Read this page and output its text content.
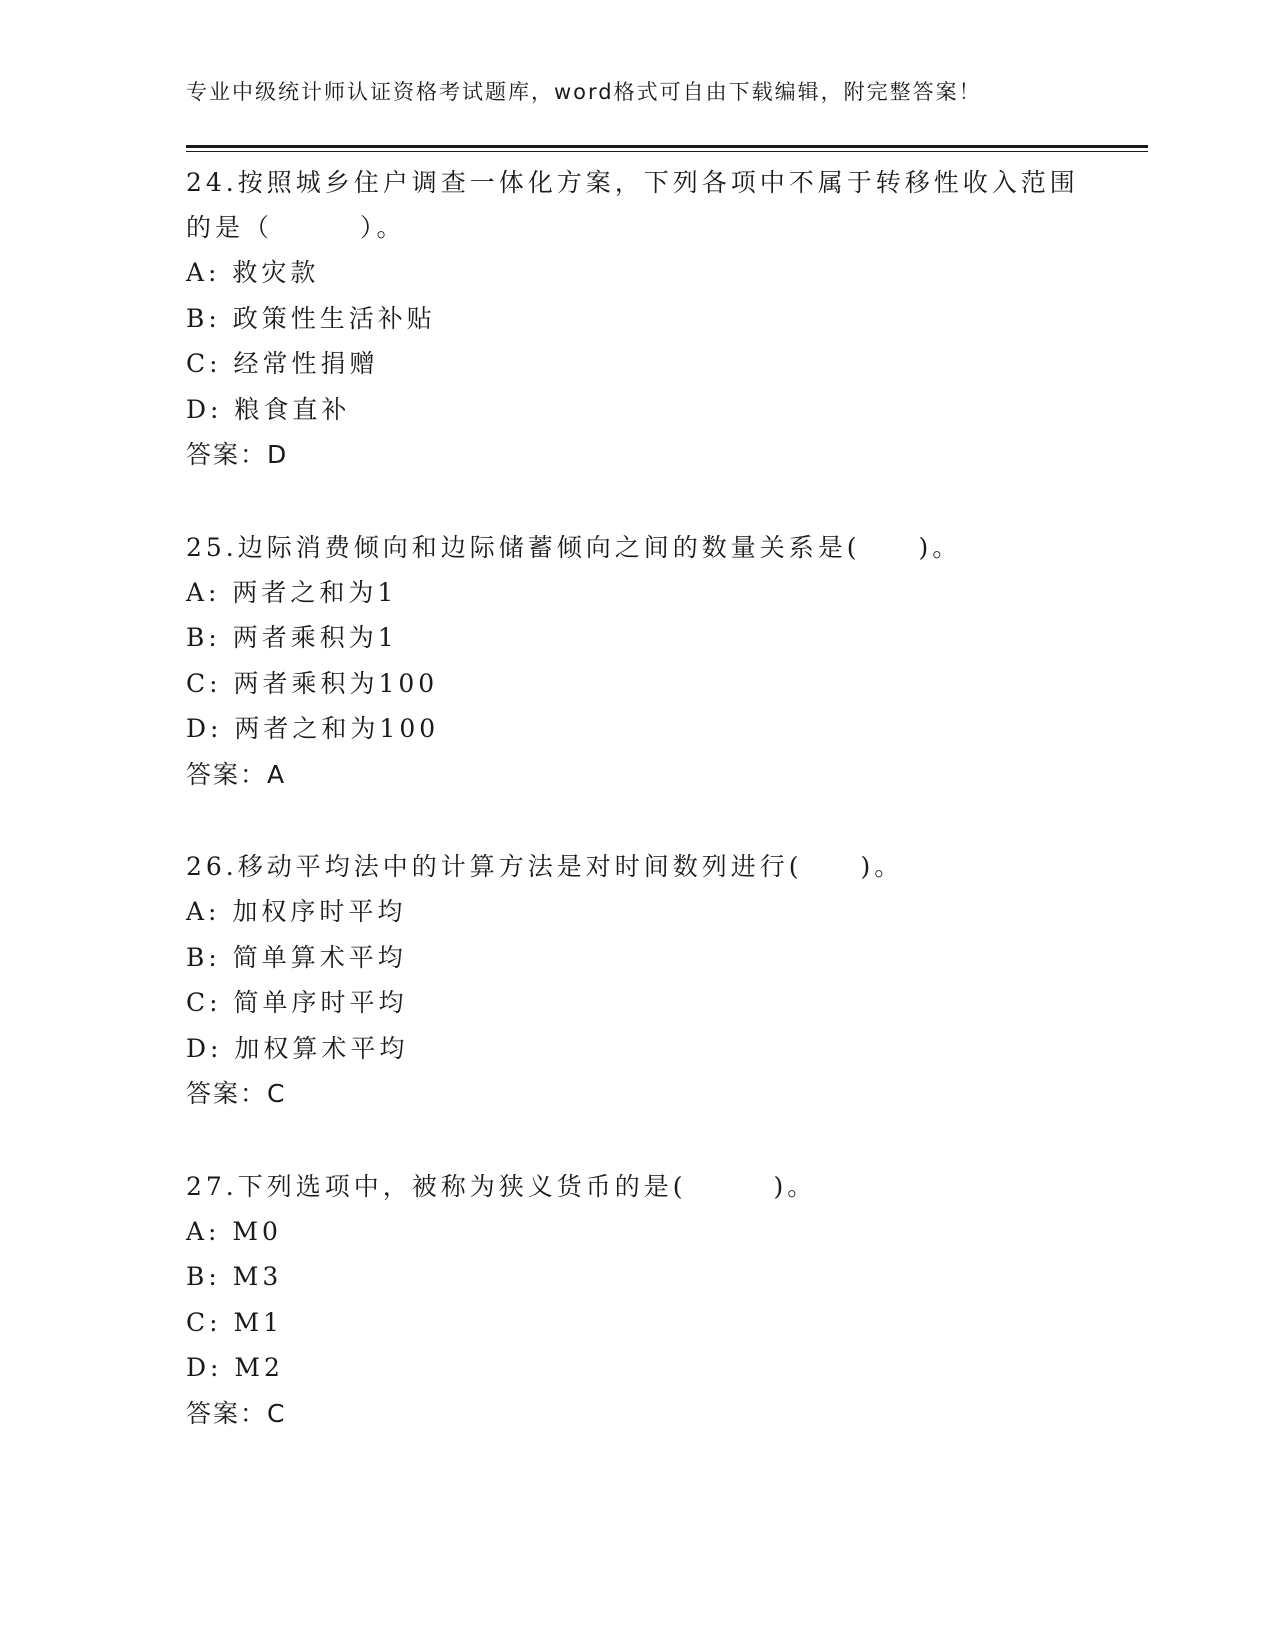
专业中级统计师认证资格考试题库，word格式可自由下载编辑，附完整答案！
24.按照城乡住户调查一体化方案，下列各项中不属于转移性收入范围
的是（　　　）。
A: 救灾款
B: 政策性生活补贴
C: 经常性捐赠
D: 粮食直补
答案：D
25.边际消费倾向和边际储蓄倾向之间的数量关系是(　　)。
A: 两者之和为1
B: 两者乘积为1
C: 两者乘积为100
D: 两者之和为100
答案：A
26.移动平均法中的计算方法是对时间数列进行(　　)。
A: 加权序时平均
B: 简单算术平均
C: 简单序时平均
D: 加权算术平均
答案：C
27.下列选项中，被称为狭义货币的是(　　　)。
A: M0
B: M3
C: M1
D: M2
答案：C
